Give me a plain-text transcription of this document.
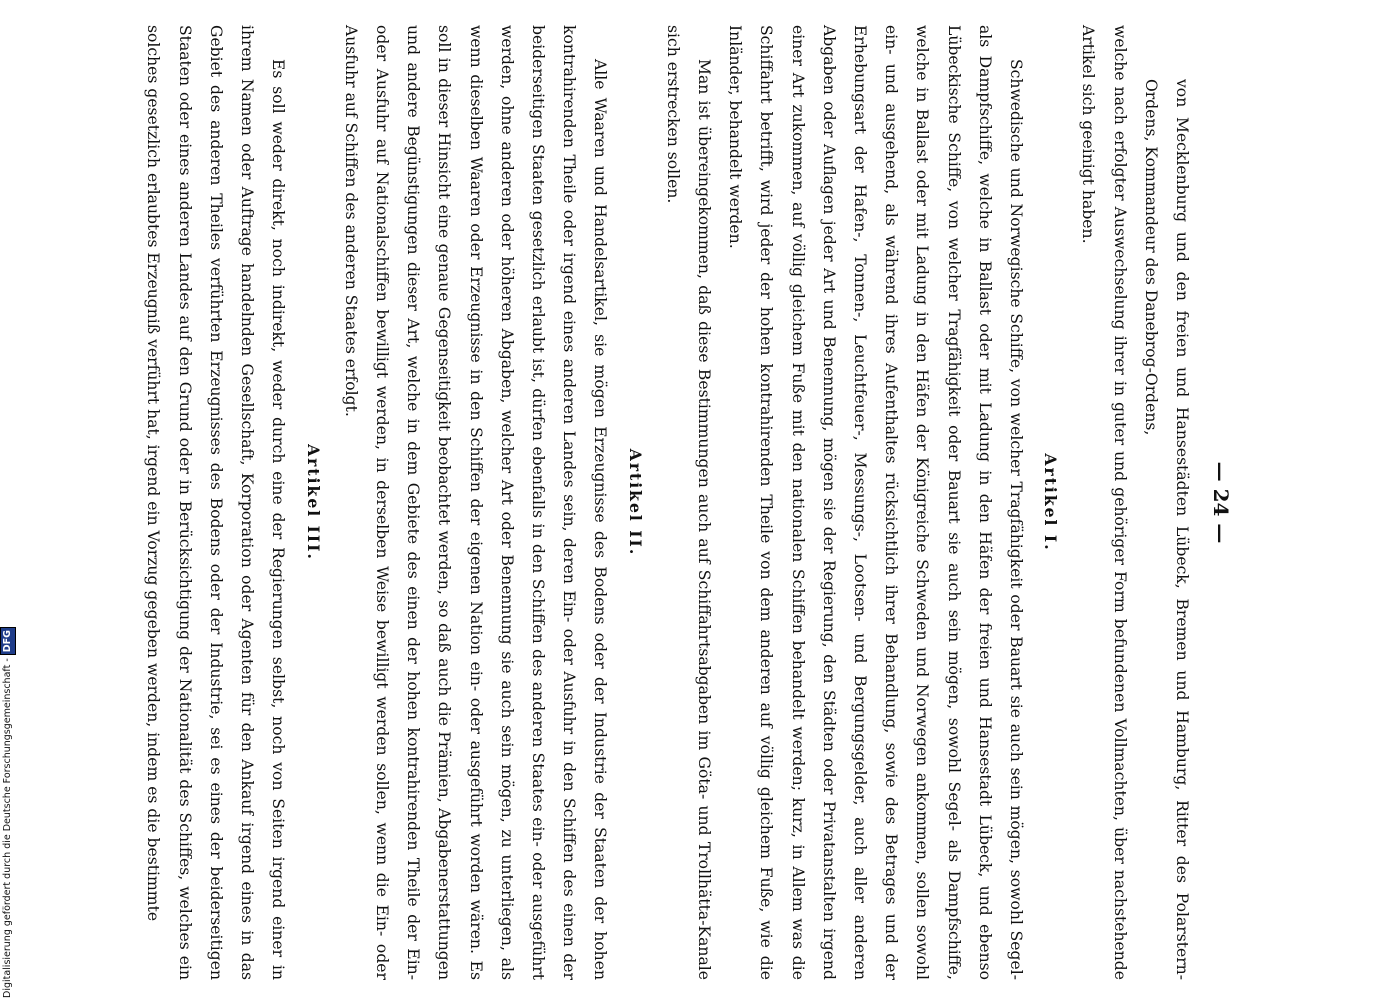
— 24 —

von Mecklenburg und den freien und Hansestädten Lübeck, Bremen und Hamburg, Ritter des Polarstern-Ordens, Kommandeur des Danebrog-Ordens,

welche nach erfolgter Auswechselung ihrer in guter und gehöriger Form befundenen Vollmachten, über nachstehende Artikel sich geeinigt haben.

Artikel I.

Schwedische und Norwegische Schiffe, von welcher Tragfähigkeit oder Bauart sie auch sein mögen, sowohl Segel- als Dampfschiffe, welche in Ballast oder mit Ladung in den Häfen der freien und Hansestadt Lübeck, und ebenso Lübeckische Schiffe, von welcher Tragfähigkeit oder Bauart sie auch sein mögen, sowohl Segel- als Dampfschiffe, welche in Ballast oder mit Ladung in den Häfen der Königreiche Schweden und Norwegen ankommen, sollen sowohl ein- und ausgehend, als während ihres Aufenthaltes rücksichtlich ihrer Behandlung, sowie des Betrages und der Erhebungsart der Hafen-, Tonnen-, Leuchtfeuer-, Messungs-, Lootsen- und Bergungsgelder, auch aller anderen Abgaben oder Auflagen jeder Art und Benennung, mögen sie der Regierung, den Städten oder Privatanstalten irgend einer Art zukommen, auf völlig gleichem Fuße mit den nationalen Schiffen behandelt werden; kurz, in Allem was die Schiffahrt betrifft, wird jeder der hohen kontrahirenden Theile von dem anderen auf völlig gleichem Fuße, wie die Inländer, behandelt werden.

Man ist übereingekommen, daß diese Bestimmungen auch auf Schiffahrtsabgaben im Göta- und Trollhätta-Kanale sich erstrecken sollen.

Artikel II.

Alle Waaren und Handelsartikel, sie mögen Erzeugnisse des Bodens oder der Industrie der Staaten der hohen kontrahirenden Theile oder irgend eines anderen Landes sein, deren Ein- oder Ausfuhr in den Schiffen des einen der beiderseitigen Staaten gesetzlich erlaubt ist, dürfen ebenfalls in den Schiffen des anderen Staates ein- oder ausgeführt werden, ohne anderen oder höheren Abgaben, welcher Art oder Benennung sie auch sein mögen, zu unterliegen, als wenn dieselben Waaren oder Erzeugnisse in den Schiffen der eigenen Nation ein- oder ausgeführt worden wären. Es soll in dieser Hinsicht eine genaue Gegenseitigkeit beobachtet werden, so daß auch die Prämien, Abgabenerstattungen und andere Begünstigungen dieser Art, welche in dem Gebiete des einen der hohen kontrahirenden Theile der Ein- oder Ausfuhr auf Nationalschiffen bewilligt werden, in derselben Weise bewilligt werden sollen, wenn die Ein- oder Ausfuhr auf Schiffen des anderen Staates erfolgt.

Artikel III.

Es soll weder direkt, noch indirekt, weder durch eine der Regierungen selbst, noch von Seiten irgend einer in ihrem Namen oder Auftrage handelnden Gesellschaft, Korporation oder Agenten für den Ankauf irgend eines in das Gebiet des anderen Theiles verführten Erzeugnisses des Bodens oder der Industrie, sei es eines der beiderseitigen Staaten oder eines anderen Landes auf den Grund oder in Berücksichtigung der Nationalität des Schiffes, welches ein solches gesetzlich erlaubtes Erzeugniß verführt hat, irgend ein Vorzug gegeben werden, indem es die bestimmte

Digitalisierung gefördert durch die Deutsche Forschungsgemeinschaft -DFG
